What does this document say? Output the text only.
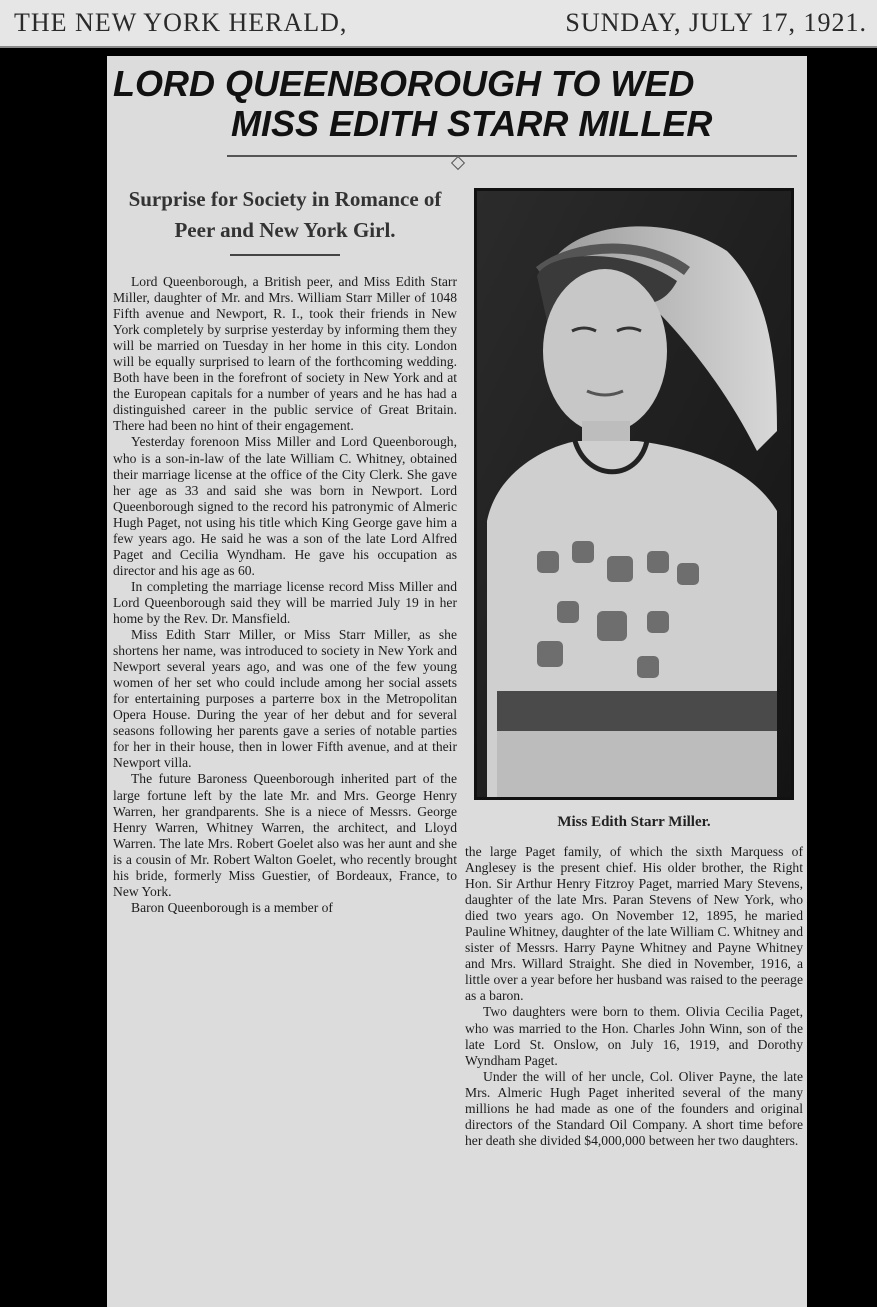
THE NEW YORK HERALD,	SUNDAY, JULY 17, 1921.
LORD QUEENBOROUGH TO WED
MISS EDITH STARR MILLER
Surprise for Society in Romance of Peer and New York Girl.

Lord Queenborough, a British peer, and Miss Edith Starr Miller, daughter of Mr. and Mrs. William Starr Miller of 1048 Fifth avenue and Newport, R. I., took their friends in New York completely by surprise yesterday by informing them they will be married on Tuesday in her home in this city. London will be equally surprised to learn of the forthcoming wedding. Both have been in the forefront of society in New York and at the European capitals for a number of years and he has had a distinguished career in the public service of Great Britain. There had been no hint of their engagement.

Yesterday forenoon Miss Miller and Lord Queenborough, who is a son-in-law of the late William C. Whitney, obtained their marriage license at the office of the City Clerk. She gave her age as 33 and said she was born in Newport. Lord Queenborough signed to the record his patronymic of Almeric Hugh Paget, not using his title which King George gave him a few years ago. He said he was a son of the late Lord Alfred Paget and Cecilia Wyndham. He gave his occupation as director and his age as 60.

In completing the marriage license record Miss Miller and Lord Queenborough said they will be married July 19 in her home by the Rev. Dr. Mansfield.

Miss Edith Starr Miller, or Miss Starr Miller, as she shortens her name, was introduced to society in New York and Newport several years ago, and was one of the few young women of her set who could include among her social assets for entertaining purposes a parterre box in the Metropolitan Opera House. During the year of her debut and for several seasons following her parents gave a series of notable parties for her in their house, then in lower Fifth avenue, and at their Newport villa.

The future Baroness Queenborough inherited part of the large fortune left by the late Mr. and Mrs. George Henry Warren, her grandparents. She is a niece of Messrs. George Henry Warren, Whitney Warren, the architect, and Lloyd Warren. The late Mrs. Robert Goelet also was her aunt and she is a cousin of Mr. Robert Walton Goelet, who recently brought his bride, formerly Miss Guestier, of Bordeaux, France, to New York.

Baron Queenborough is a member of

Miss Edith Starr Miller.

the large Paget family, of which the sixth Marquess of Anglesey is the present chief. His older brother, the Right Hon. Sir Arthur Henry Fitzroy Paget, married Mary Stevens, daughter of the late Mrs. Paran Stevens of New York, who died two years ago. On November 12, 1895, he maried Pauline Whitney, daughter of the late William C. Whitney and sister of Messrs. Harry Payne Whitney and Payne Whitney and Mrs. Willard Straight. She died in November, 1916, a little over a year before her husband was raised to the peerage as a baron.

Two daughters were born to them. Olivia Cecilia Paget, who was married to the Hon. Charles John Winn, son of the late Lord St. Onslow, on July 16, 1919, and Dorothy Wyndham Paget.

Under the will of her uncle, Col. Oliver Payne, the late Mrs. Almeric Hugh Paget inherited several of the many millions he had made as one of the founders and original directors of the Standard Oil Company. A short time before her death she divided $4,000,000 between her two daughters.
